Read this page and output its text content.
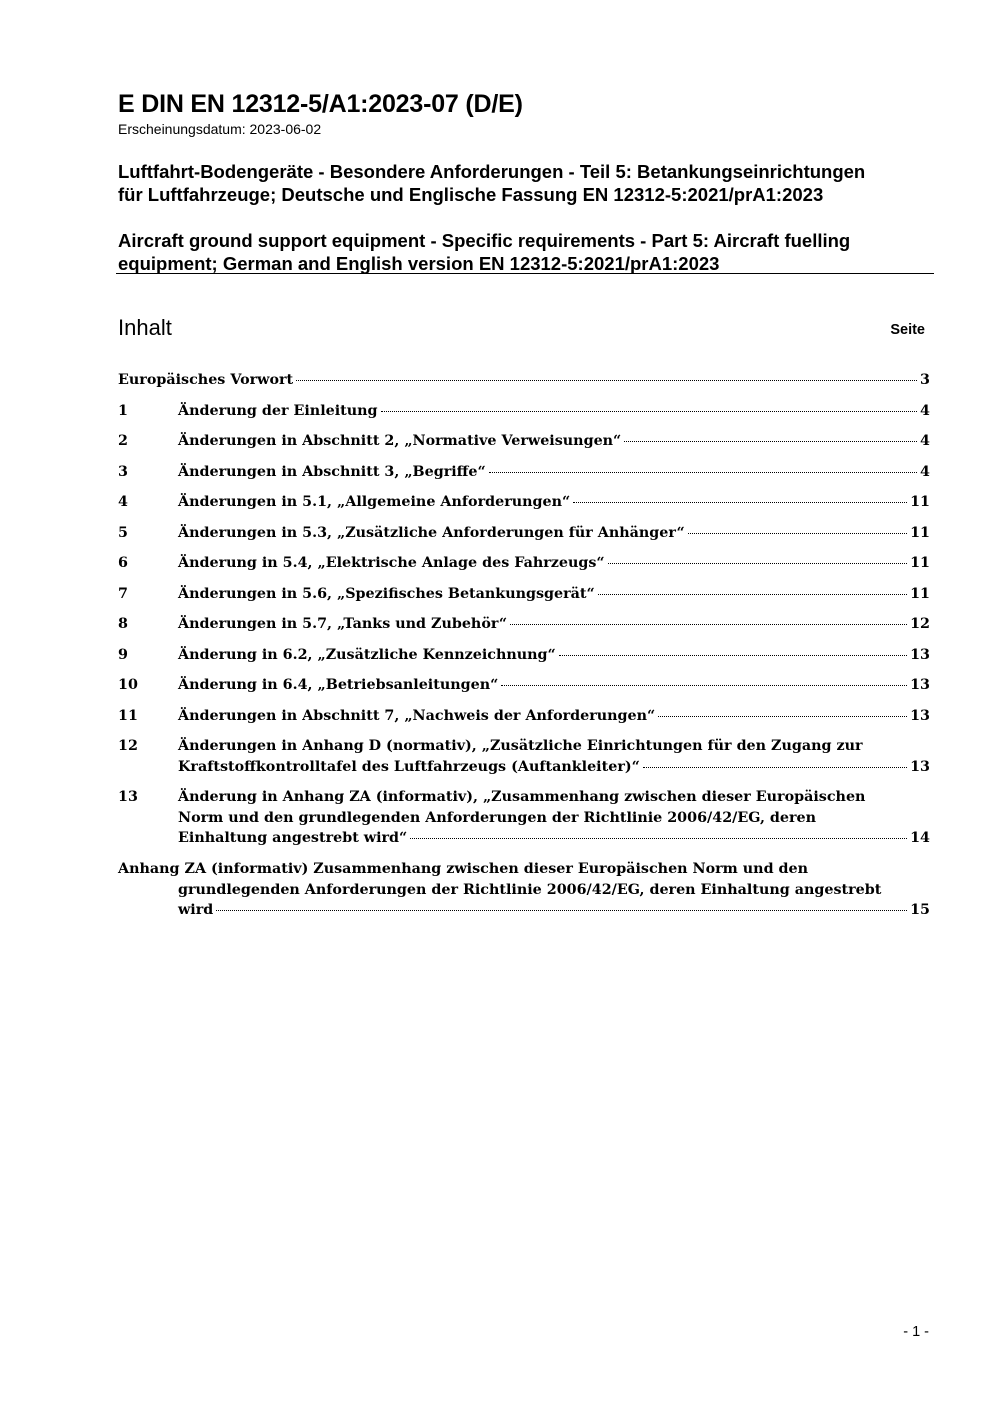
E DIN EN 12312-5/A1:2023-07 (D/E)
Erscheinungsdatum: 2023-06-02
Luftfahrt-Bodengeräte - Besondere Anforderungen - Teil 5: Betankungseinrichtungen
für Luftfahrzeuge; Deutsche und Englische Fassung EN 12312-5:2021/prA1:2023
Aircraft ground support equipment - Specific requirements - Part 5: Aircraft fuelling
equipment; German and English version EN 12312-5:2021/prA1:2023
Inhalt	Seite
Europäisches Vorwort	3
1	Änderung der Einleitung	4
2	Änderungen in Abschnitt 2, „Normative Verweisungen“	4
3	Änderungen in Abschnitt 3, „Begriffe“	4
4	Änderungen in 5.1, „Allgemeine Anforderungen“	11
5	Änderungen in 5.3, „Zusätzliche Anforderungen für Anhänger“	11
6	Änderung in 5.4, „Elektrische Anlage des Fahrzeugs“	11
7	Änderungen in 5.6, „Spezifisches Betankungsgerät“	11
8	Änderungen in 5.7, „Tanks und Zubehör“	12
9	Änderung in 6.2, „Zusätzliche Kennzeichnung“	13
10	Änderung in 6.4, „Betriebsanleitungen“	13
11	Änderungen in Abschnitt 7, „Nachweis der Anforderungen“	13
12	Änderungen in Anhang D (normativ), „Zusätzliche Einrichtungen für den Zugang zur
Kraftstoffkontrolltafel des Luftfahrzeugs (Auftankleiter)“	13
13	Änderung in Anhang ZA (informativ), „Zusammenhang zwischen dieser Europäischen
Norm und den grundlegenden Anforderungen der Richtlinie 2006/42/EG, deren
Einhaltung angestrebt wird“	14
Anhang ZA (informativ) Zusammenhang zwischen dieser Europäischen Norm und den
grundlegenden Anforderungen der Richtlinie 2006/42/EG, deren Einhaltung angestrebt
wird	15
- 1 -
